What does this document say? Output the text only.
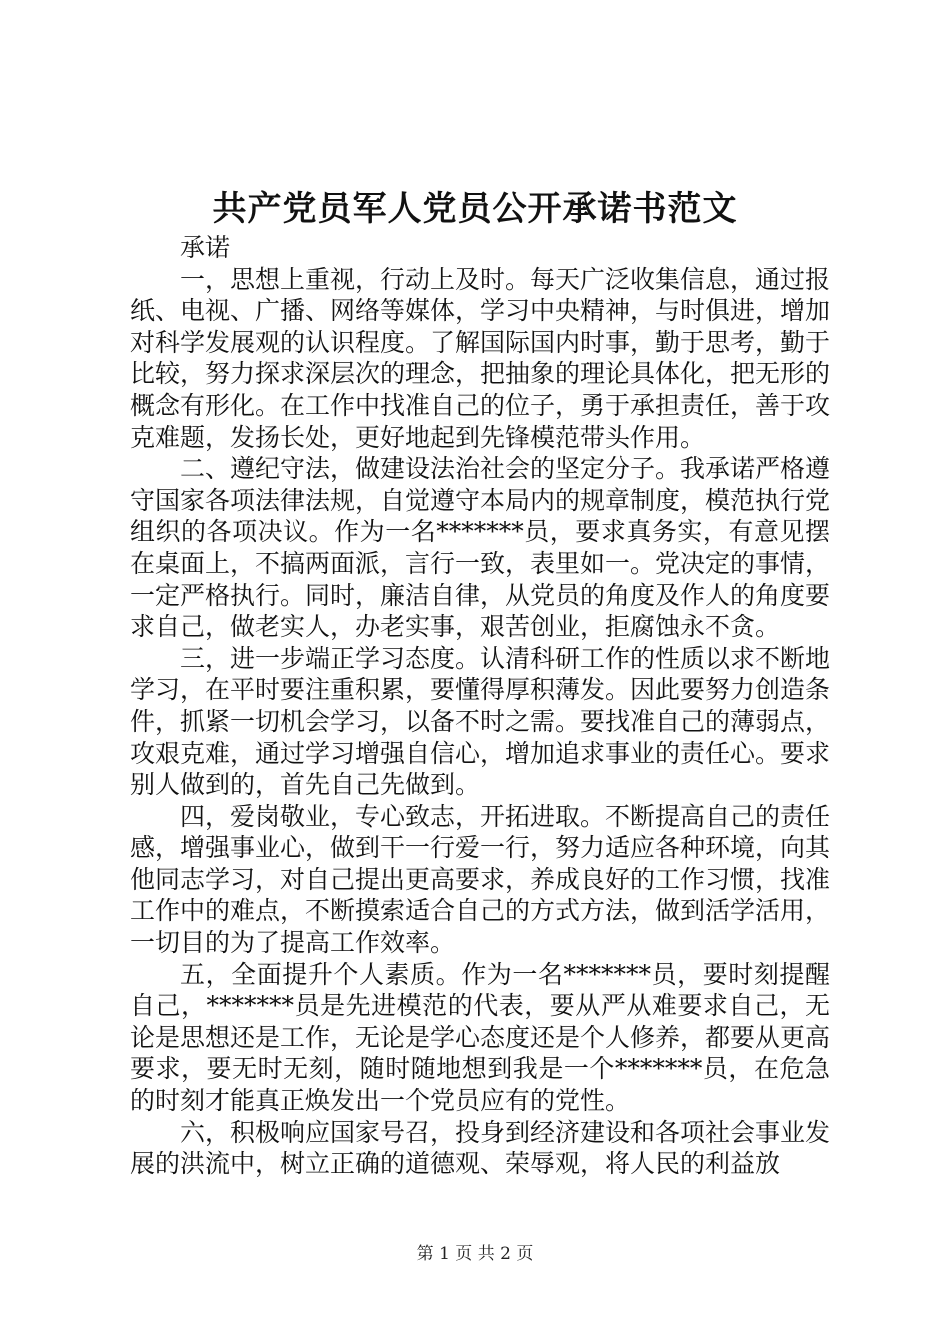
共产党员军人党员公开承诺书范文

承诺

一，思想上重视，行动上及时。每天广泛收集信息，通过报纸、电视、广播、网络等媒体，学习中央精神，与时俱进，增加对科学发展观的认识程度。了解国际国内时事，勤于思考，勤于比较，努力探求深层次的理念，把抽象的理论具体化，把无形的概念有形化。在工作中找准自己的位子，勇于承担责任，善于攻克难题，发扬长处，更好地起到先锋模范带头作用。

二、遵纪守法，做建设法治社会的坚定分子。我承诺严格遵守国家各项法律法规，自觉遵守本局内的规章制度，模范执行党组织的各项决议。作为一名*******员，要求真务实，有意见摆在桌面上，不搞两面派，言行一致，表里如一。党决定的事情，一定严格执行。同时，廉洁自律，从党员的角度及作人的角度要求自己，做老实人，办老实事，艰苦创业，拒腐蚀永不贪。

三，进一步端正学习态度。认清科研工作的性质以求不断地学习，在平时要注重积累，要懂得厚积薄发。因此要努力创造条件，抓紧一切机会学习，以备不时之需。要找准自己的薄弱点，攻艰克难，通过学习增强自信心，增加追求事业的责任心。要求别人做到的，首先自己先做到。

四，爱岗敬业，专心致志，开拓进取。不断提高自己的责任感，增强事业心，做到干一行爱一行，努力适应各种环境，向其他同志学习，对自己提出更高要求，养成良好的工作习惯，找准工作中的难点，不断摸索适合自己的方式方法，做到活学活用，一切目的为了提高工作效率。

五，全面提升个人素质。作为一名*******员，要时刻提醒自己，*******员是先进模范的代表，要从严从难要求自己，无论是思想还是工作，无论是学心态度还是个人修养，都要从更高要求，要无时无刻，随时随地想到我是一个*******员，在危急的时刻才能真正焕发出一个党员应有的党性。

六，积极响应国家号召，投身到经济建设和各项社会事业发展的洪流中，树立正确的道德观、荣辱观，将人民的利益放

第 1 页 共 2 页
